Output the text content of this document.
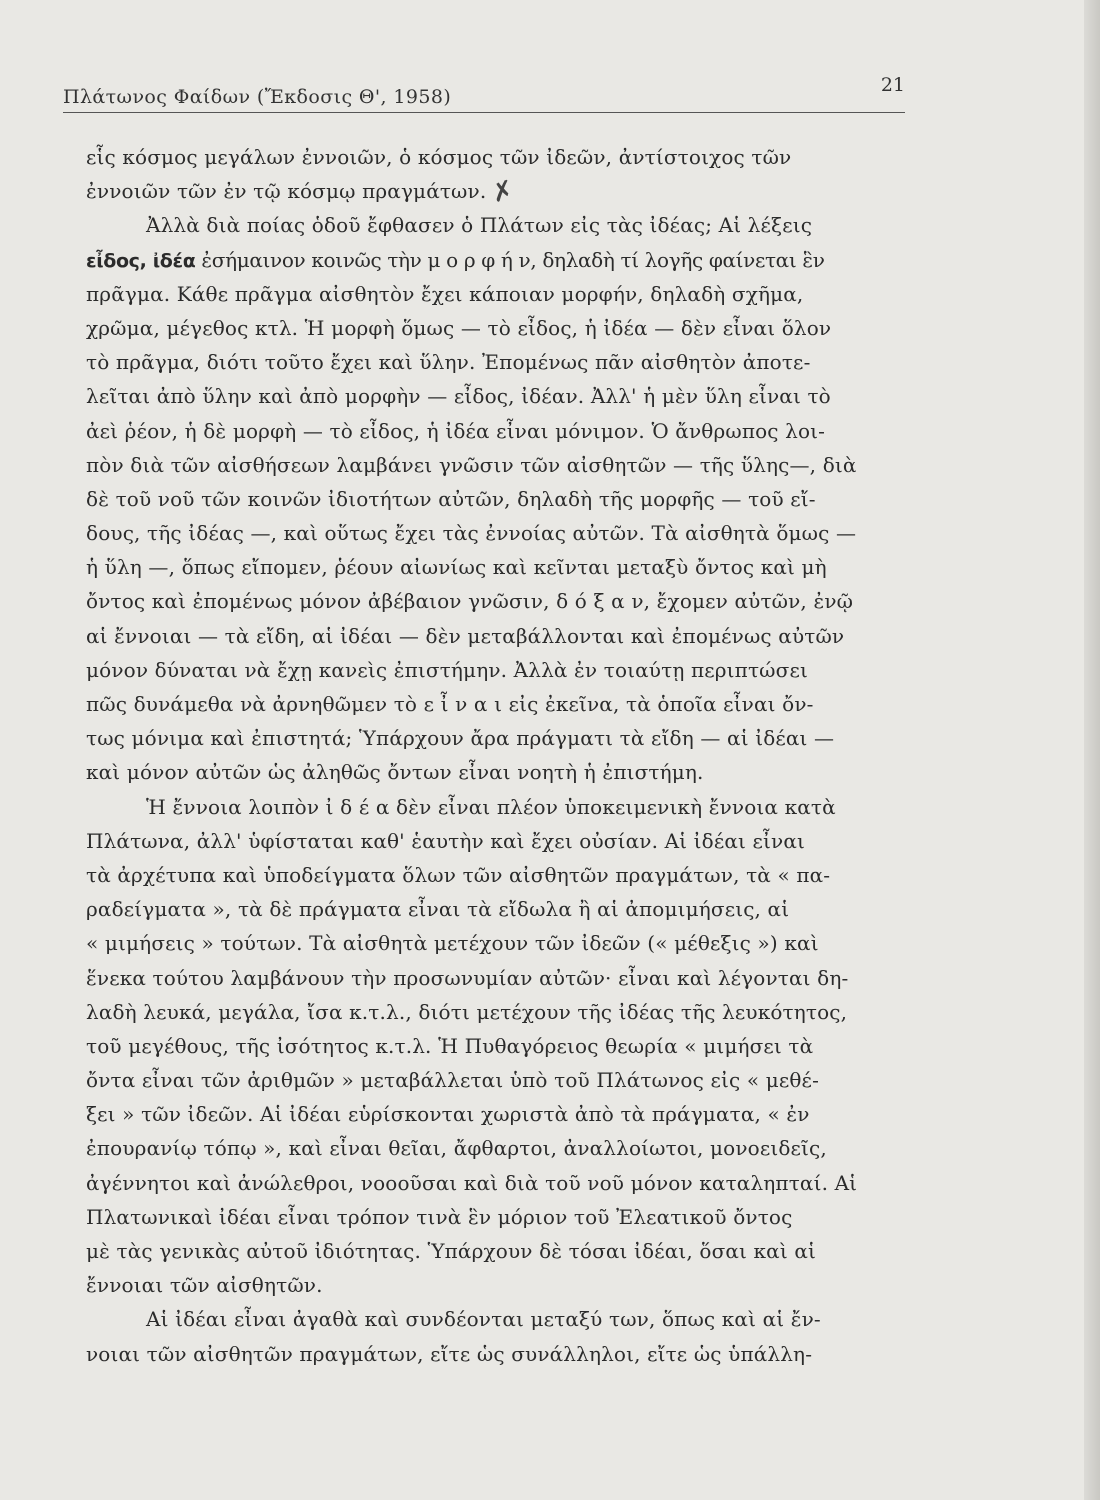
Πλάτωνος Φαίδων (Ἔκδοσις Θ', 1958)
21
εἷς κόσμος μεγάλων ἐννοιῶν, ὁ κόσμος τῶν ἰδεῶν, ἀντίστοιχος τῶν
ἐννοιῶν τῶν ἐν τῷ κόσμῳ πραγμάτων.✗
Ἀλλὰ διὰ ποίας ὁδοῦ ἔφθασεν ὁ Πλάτων εἰς τὰς ἰδέας; Αἱ λέξεις
εἶδος, ἰδέα ἐσήμαινον κοινῶς τὴν μ ο ρ φ ή ν, δηλαδὴ τί λογῆς φαίνεται ἓν
πρᾶγμα. Κάθε πρᾶγμα αἰσθητὸν ἔχει κάποιαν μορφήν, δηλαδὴ σχῆμα,
χρῶμα, μέγεθος κτλ. Ἡ μορφὴ ὅμως — τὸ εἶδος, ἡ ἰδέα — δὲν εἶναι ὅλον
τὸ πρᾶγμα, διότι τοῦτο ἔχει καὶ ὕλην. Ἐπομένως πᾶν αἰσθητὸν ἀποτε-
λεῖται ἀπὸ ὕλην καὶ ἀπὸ μορφὴν — εἶδος, ἰδέαν. Ἀλλ' ἡ μὲν ὕλη εἶναι τὸ
ἀεὶ ῥέον, ἡ δὲ μορφὴ — τὸ εἶδος, ἡ ἰδέα εἶναι μόνιμον. Ὁ ἄνθρωπος λοι-
πὸν διὰ τῶν αἰσθήσεων λαμβάνει γνῶσιν τῶν αἰσθητῶν — τῆς ὕλης—, διὰ
δὲ τοῦ νοῦ τῶν κοινῶν ἰδιοτήτων αὐτῶν, δηλαδὴ τῆς μορφῆς — τοῦ εἴ-
δους, τῆς ἰδέας —, καὶ οὕτως ἔχει τὰς ἐννοίας αὐτῶν. Τὰ αἰσθητὰ ὅμως —
ἡ ὕλη —, ὅπως εἴπομεν, ῥέουν αἰωνίως καὶ κεῖνται μεταξὺ ὄντος καὶ μὴ
ὄντος καὶ ἐπομένως μόνον ἀβέβαιον γνῶσιν, δ ό ξ α ν, ἔχομεν αὐτῶν, ἐνῷ
αἱ ἔννοιαι — τὰ εἴδη, αἱ ἰδέαι — δὲν μεταβάλλονται καὶ ἐπομένως αὐτῶν
μόνον δύναται νὰ ἔχῃ κανεὶς ἐπιστήμην. Ἀλλὰ ἐν τοιαύτῃ περιπτώσει
πῶς δυνάμεθα νὰ ἀρνηθῶμεν τὸ ε ἶ ν α ι εἰς ἐκεῖνα, τὰ ὁποῖα εἶναι ὄν-
τως μόνιμα καὶ ἐπιστητά; Ὑπάρχουν ἄρα πράγματι τὰ εἴδη — αἱ ἰδέαι —
καὶ μόνον αὐτῶν ὡς ἀληθῶς ὄντων εἶναι νοητὴ ἡ ἐπιστήμη.
Ἡ ἔννοια λοιπὸν ἰ δ έ α δὲν εἶναι πλέον ὑποκειμενικὴ ἔννοια κατὰ
Πλάτωνα, ἀλλ' ὑφίσταται καθ' ἑαυτὴν καὶ ἔχει οὐσίαν. Αἱ ἰδέαι εἶναι
τὰ ἀρχέτυπα καὶ ὑποδείγματα ὅλων τῶν αἰσθητῶν πραγμάτων, τὰ « πα-
ραδείγματα », τὰ δὲ πράγματα εἶναι τὰ εἴδωλα ἢ αἱ ἀπομιμήσεις, αἱ
« μιμήσεις » τούτων. Τὰ αἰσθητὰ μετέχουν τῶν ἰδεῶν (« μέθεξις ») καὶ
ἕνεκα τούτου λαμβάνουν τὴν προσωνυμίαν αὐτῶν· εἶναι καὶ λέγονται δη-
λαδὴ λευκά, μεγάλα, ἴσα κ.τ.λ., διότι μετέχουν τῆς ἰδέας τῆς λευκότητος,
τοῦ μεγέθους, τῆς ἰσότητος κ.τ.λ. Ἡ Πυθαγόρειος θεωρία « μιμήσει τὰ
ὄντα εἶναι τῶν ἀριθμῶν » μεταβάλλεται ὑπὸ τοῦ Πλάτωνος εἰς « μεθέ-
ξει » τῶν ἰδεῶν. Αἱ ἰδέαι εὑρίσκονται χωριστὰ ἀπὸ τὰ πράγματα, « ἐν
ἐπουρανίῳ τόπῳ », καὶ εἶναι θεῖαι, ἄφθαρτοι, ἀναλλοίωτοι, μονοειδεῖς,
ἀγέννητοι καὶ ἀνώλεθροι, νοοοῦσαι καὶ διὰ τοῦ νοῦ μόνον καταληπταί. Αἱ
Πλατωνικαὶ ἰδέαι εἶναι τρόπον τινὰ ἓν μόριον τοῦ Ἐλεατικοῦ ὄντος
μὲ τὰς γενικὰς αὐτοῦ ἰδιότητας. Ὑπάρχουν δὲ τόσαι ἰδέαι, ὅσαι καὶ αἱ
ἔννοιαι τῶν αἰσθητῶν.
Αἱ ἰδέαι εἶναι ἀγαθὰ καὶ συνδέονται μεταξύ των, ὅπως καὶ αἱ ἔν-
νοιαι τῶν αἰσθητῶν πραγμάτων, εἴτε ὡς συνάλληλοι, εἴτε ὡς ὑπάλλη-
